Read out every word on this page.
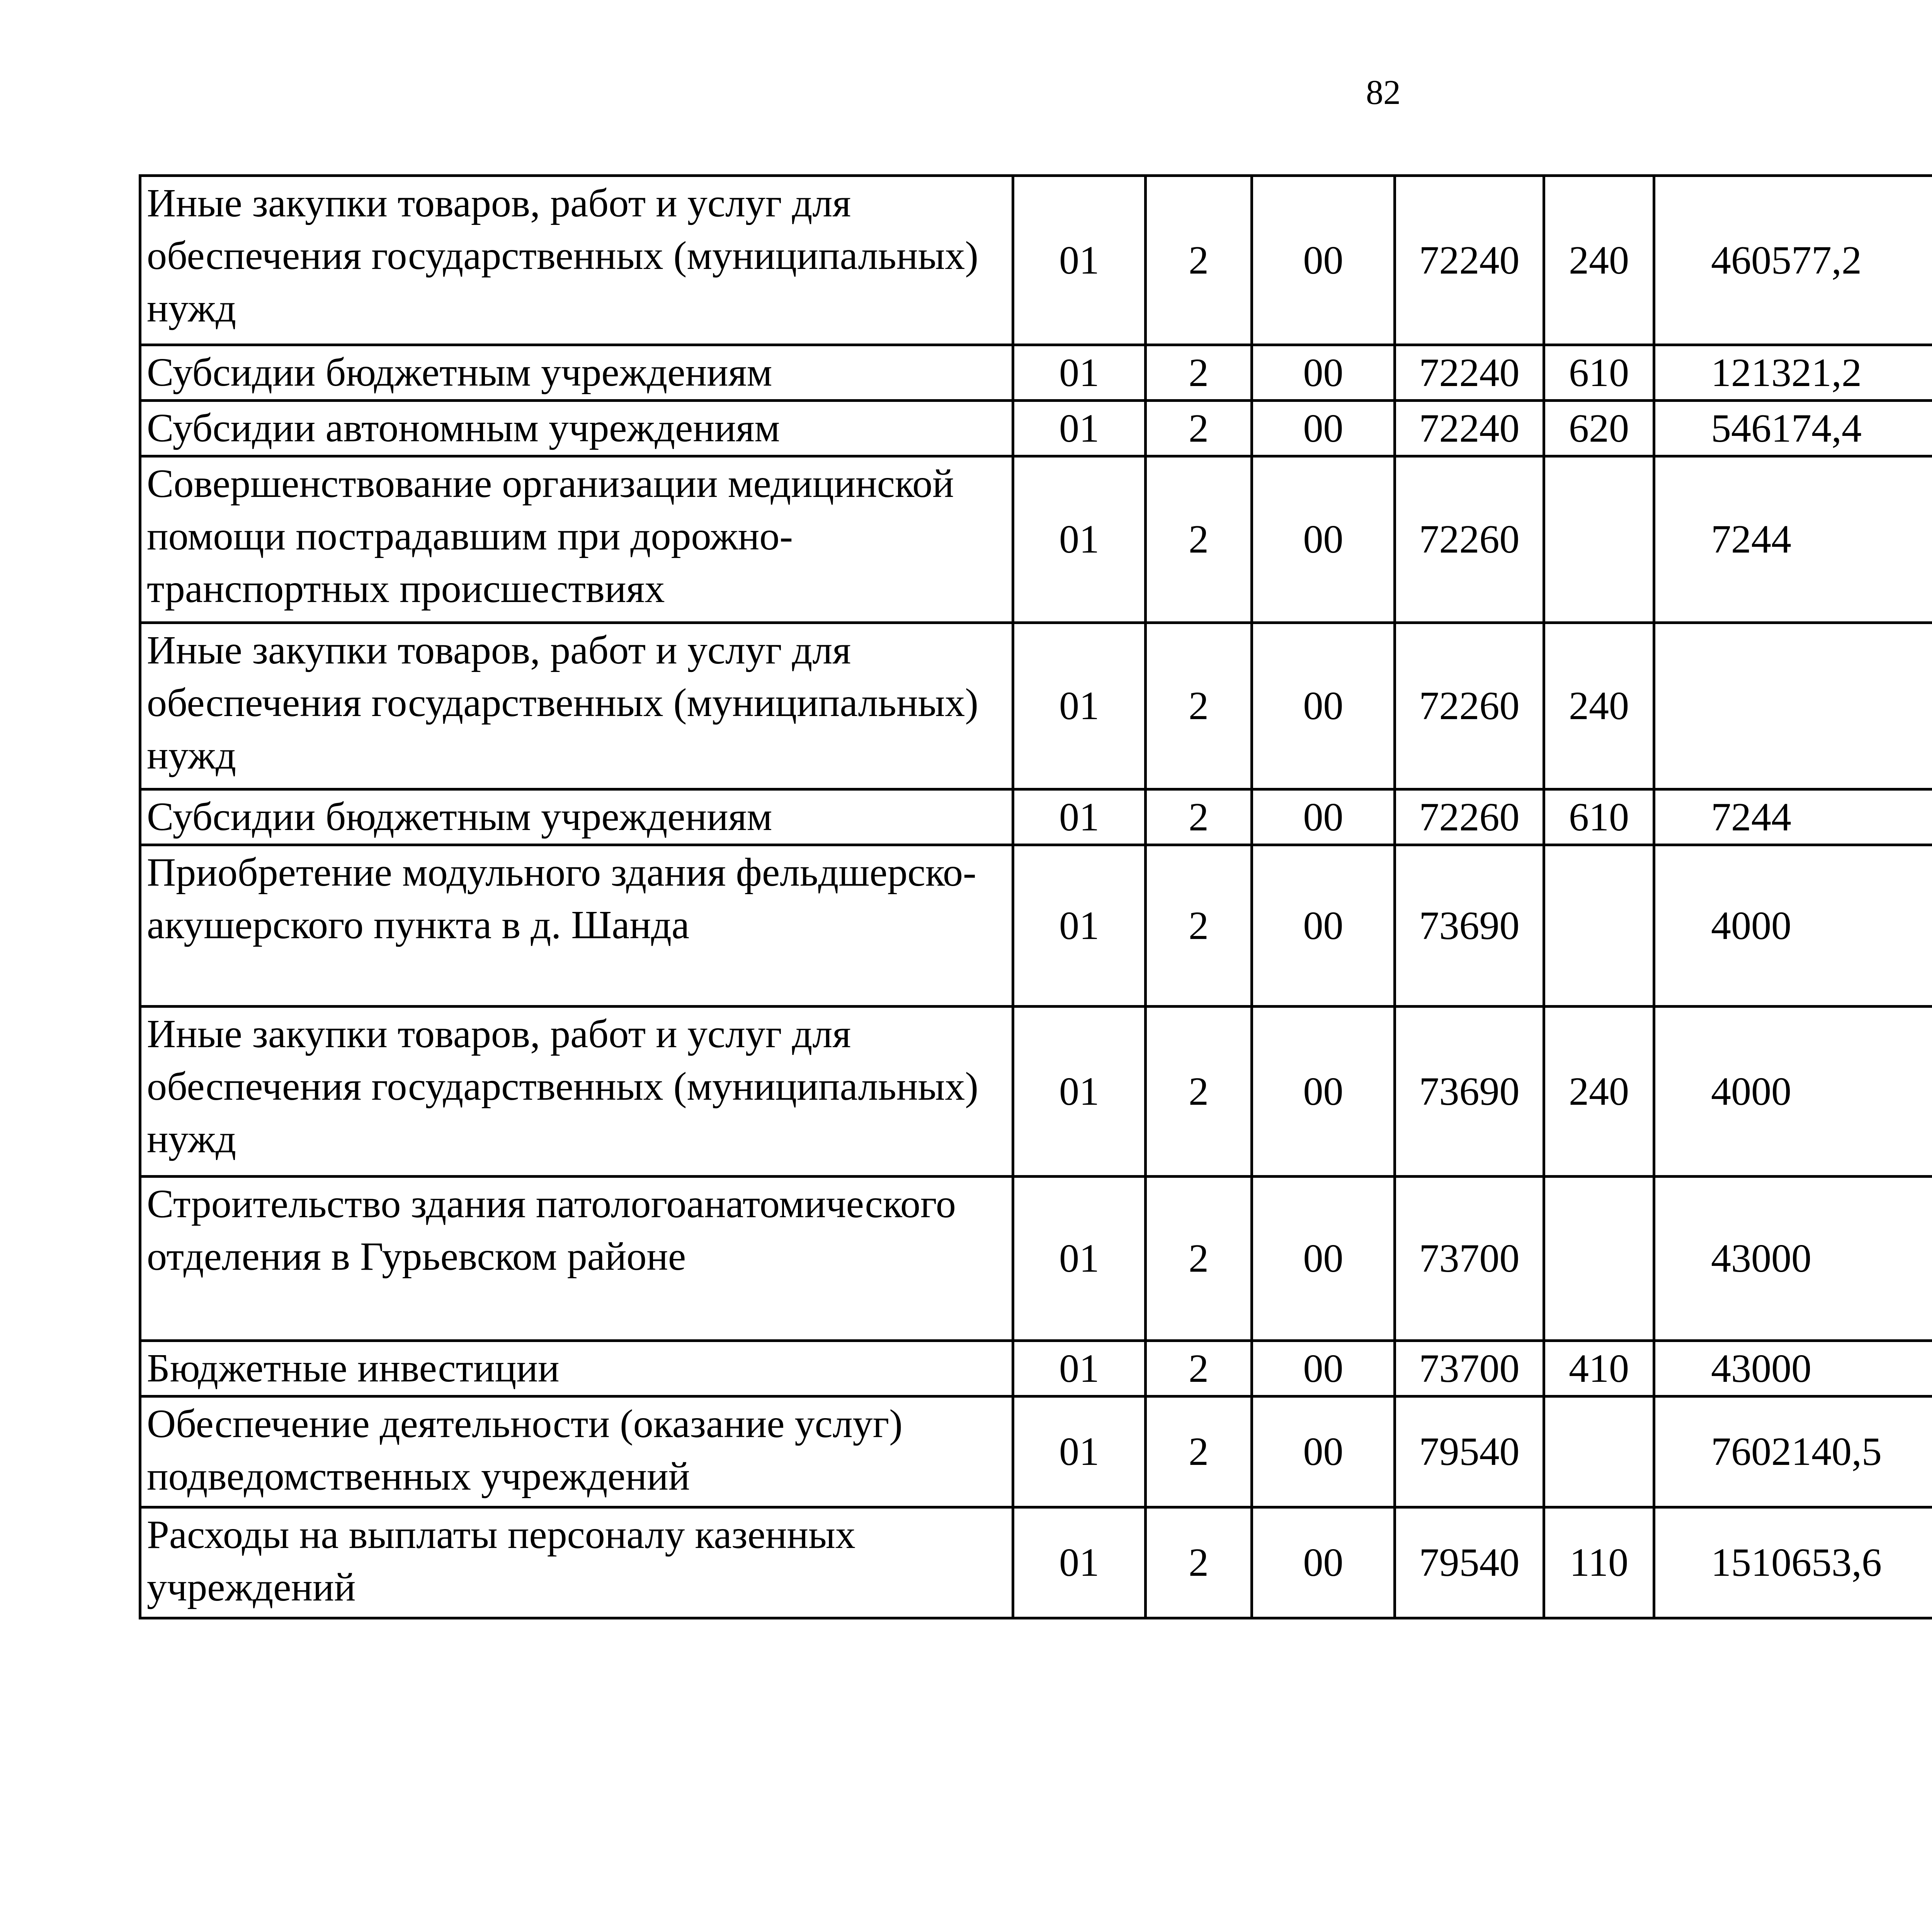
82
Иные закупки товаров, работ и услуг для обеспечения государственных (муниципальных) нужд	01	2	00	72240	240	460577,2		
Субсидии бюджетным учреждениям	01	2	00	72240	610	121321,2		
Субсидии автономным учреждениям	01	2	00	72240	620	546174,4		
Совершенствование организации медицинской помощи пострадавшим при дорожно-транспортных происшествиях	01	2	00	72260		7244		
Иные закупки товаров, работ и услуг для обеспечения государственных (муниципальных) нужд	01	2	00	72260	240			
Субсидии бюджетным учреждениям	01	2	00	72260	610	7244		
Приобретение модульного здания фельдшерско-акушерского пункта в д. Шанда	01	2	00	73690		4000		
Иные закупки товаров, работ и услуг для обеспечения государственных (муниципальных) нужд	01	2	00	73690	240	4000		
Строительство здания патологоанатомического отделения в Гурьевском районе	01	2	00	73700		43000		
Бюджетные инвестиции	01	2	00	73700	410	43000		
Обеспечение деятельности (оказание услуг) подведомственных учреждений	01	2	00	79540		7602140,5		
Расходы на выплаты персоналу казенных учреждений	01	2	00	79540	110	1510653,6		
